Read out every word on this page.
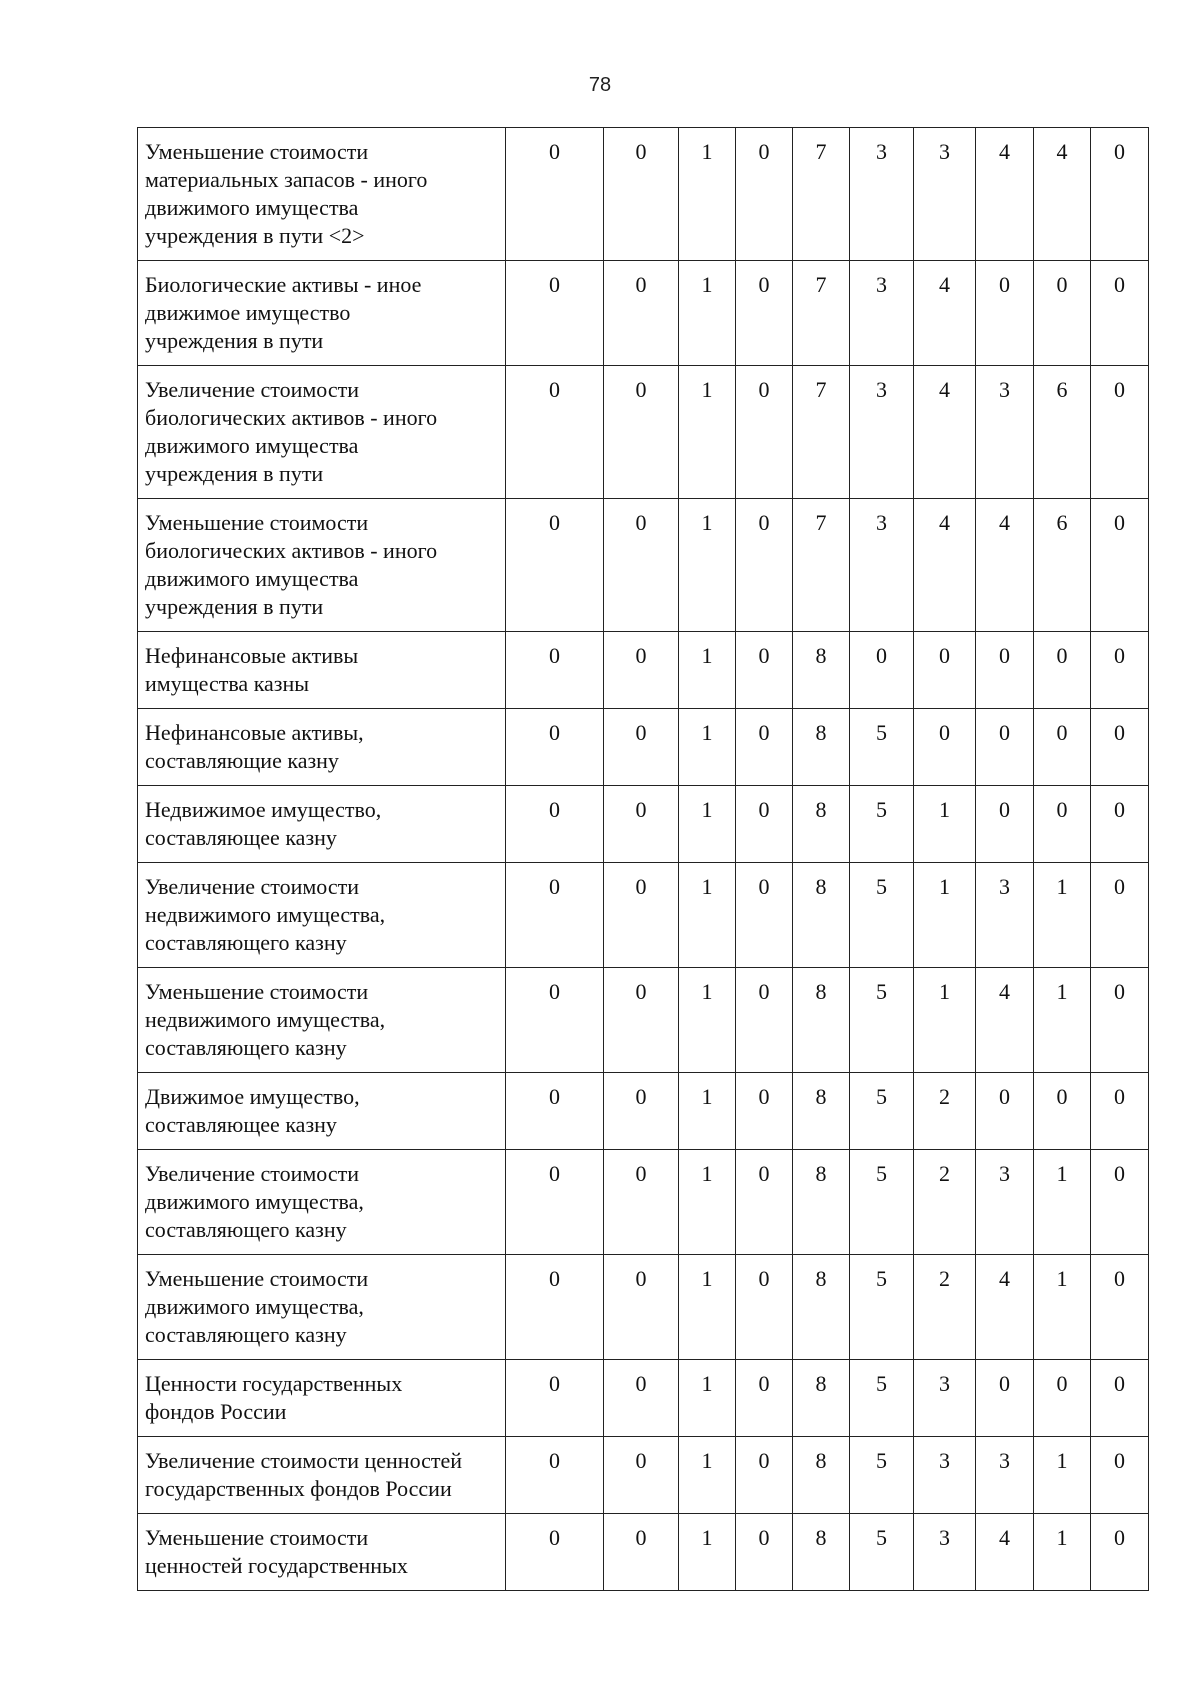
78
Уменьшение стоимости
материальных запасов - иного
движимого имущества
учреждения в пути <2>	0	0	1	0	7	3	3	4	4	0

Биологические активы - иное
движимое имущество
учреждения в пути	0	0	1	0	7	3	4	0	0	0

Увеличение стоимости
биологических активов - иного
движимого имущества
учреждения в пути	0	0	1	0	7	3	4	3	6	0

Уменьшение стоимости
биологических активов - иного
движимого имущества
учреждения в пути	0	0	1	0	7	3	4	4	6	0

Нефинансовые активы
имущества казны	0	0	1	0	8	0	0	0	0	0

Нефинансовые активы,
составляющие казну	0	0	1	0	8	5	0	0	0	0

Недвижимое имущество,
составляющее казну	0	0	1	0	8	5	1	0	0	0

Увеличение стоимости
недвижимого имущества,
составляющего казну	0	0	1	0	8	5	1	3	1	0

Уменьшение стоимости
недвижимого имущества,
составляющего казну	0	0	1	0	8	5	1	4	1	0

Движимое имущество,
составляющее казну	0	0	1	0	8	5	2	0	0	0

Увеличение стоимости
движимого имущества,
составляющего казну	0	0	1	0	8	5	2	3	1	0

Уменьшение стоимости
движимого имущества,
составляющего казну	0	0	1	0	8	5	2	4	1	0

Ценности государственных
фондов России	0	0	1	0	8	5	3	0	0	0

Увеличение стоимости ценностей
государственных фондов России	0	0	1	0	8	5	3	3	1	0

Уменьшение стоимости
ценностей государственных	0	0	1	0	8	5	3	4	1	0
